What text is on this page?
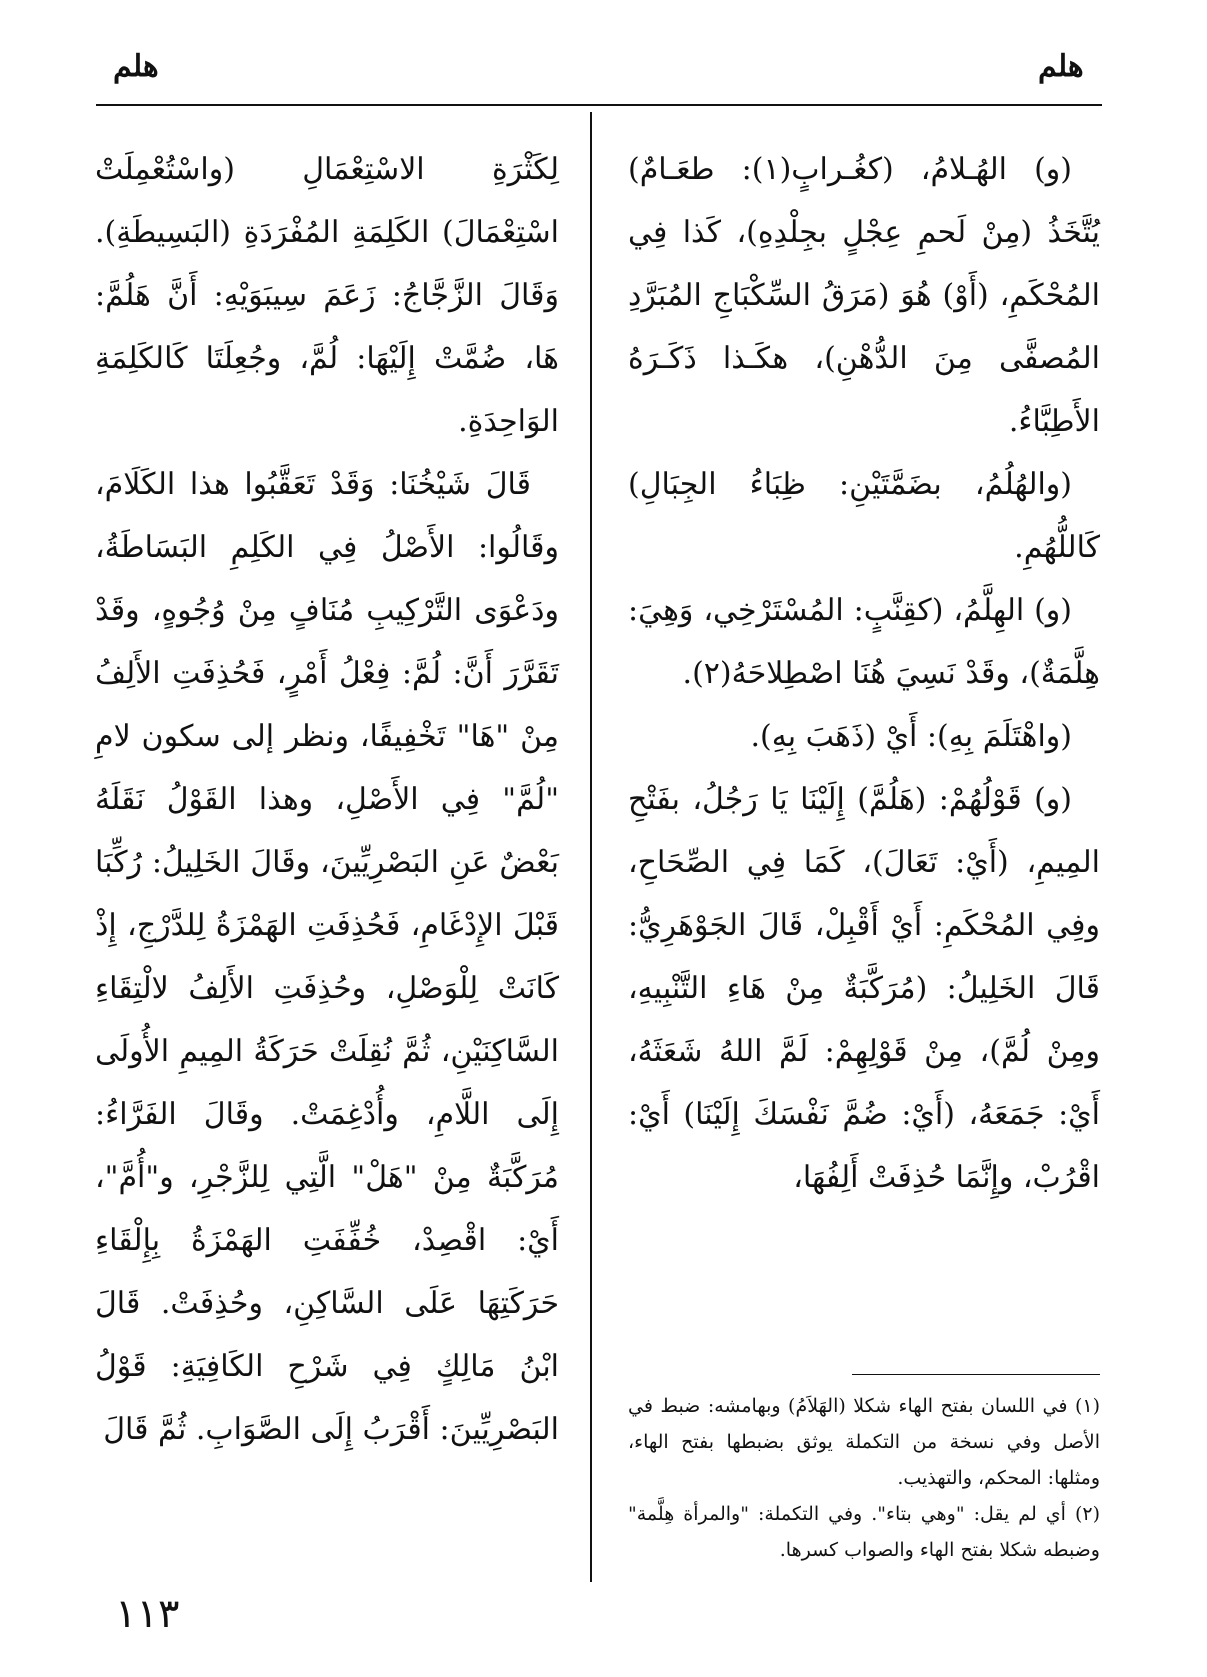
هلم
هلم

(و) الهُـلامُ، (كغُـرابٍ(١): طعَـامٌ) يُتَّخَذُ (مِنْ لَحمِ عِجْلٍ بجِلْدِهِ)، كَذا فِي المُحْكَمِ، (أَوْ) هُوَ (مَرَقُ السِّكْبَاجِ المُبَرَّدِ المُصفَّى مِنَ الدُّهْنِ)، هكَـذا ذَكَـرَهُ الأَطِبَّاءُ.

(والهُلُمُ، بضَمَّتَيْنِ: ظِبَاءُ الجِبَالِ) كَاللُّهُمِ.

(و) الهِلَّمُ، (كقِنَّبٍ: المُسْتَرْخِي، وَهِيَ: هِلَّمَةٌ)، وقَدْ نَسِيَ هُنَا اصْطِلاحَهُ(٢).

(واهْتَلَمَ بِهِ): أَيْ (ذَهَبَ بِهِ).

(و) قَوْلُهُمْ: (هَلُمَّ) إِلَيْنَا يَا رَجُلُ، بفَتْحِ المِيمِ، (أَيْ: تَعَالَ)، كَمَا فِي الصِّحَاحِ، وفِي المُحْكَمِ: أَيْ أَقْبِلْ، قَالَ الجَوْهَرِيُّ: قَالَ الخَلِيلُ: (مُرَكَّبَةٌ مِنْ هَاءِ التَّنْبِيهِ، ومِنْ لُمَّ)، مِنْ قَوْلِهِمْ: لَمَّ اللهُ شَعَثَهُ، أَيْ: جَمَعَهُ، (أَيْ: ضُمَّ نَفْسَكَ إِلَيْنَا) أَيْ: اقْرُبْ، وإِنَّمَا حُذِفَتْ أَلِفُهَا،

لِكَثْرَةِ الاسْتِعْمَالِ (واسْتُعْمِلَتْ اسْتِعْمَالَ) الكَلِمَةِ المُفْرَدَةِ (البَسِيطَةِ). وَقَالَ الزَّجَّاجُ: زَعَمَ سِيبَوَيْهِ: أَنَّ هَلُمَّ: هَا، ضُمَّتْ إِلَيْهَا: لُمَّ، وجُعِلَتَا كَالكَلِمَةِ الوَاحِدَةِ.

قَالَ شَيْخُنَا: وَقَدْ تَعَقَّبُوا هذا الكَلَامَ، وقَالُوا: الأَصْلُ فِي الكَلِمِ البَسَاطَةُ، ودَعْوَى التَّرْكِيبِ مُنَافٍ مِنْ وُجُوهٍ، وقَدْ تَقَرَّرَ أَنَّ: لُمَّ: فِعْلُ أَمْرٍ، فَحُذِفَتِ الأَلِفُ مِنْ "هَا" تَخْفِيفًا، ونظر إلى سكون لامِ "لُمَّ" فِي الأَصْلِ، وهذا القَوْلُ نَقَلَهُ بَعْضٌ عَنِ البَصْرِيِّينَ، وقَالَ الخَلِيلُ: رُكِّبَا قَبْلَ الإِدْغَامِ، فَحُذِفَتِ الهَمْزَةُ لِلدَّرْجِ، إِذْ كَانَتْ لِلْوَصْلِ، وحُذِفَتِ الأَلِفُ لالْتِقَاءِ السَّاكِنَيْنِ، ثُمَّ نُقِلَتْ حَرَكَةُ المِيمِ الأُولَى إِلَى اللَّامِ، وأُدْغِمَتْ. وقَالَ الفَرَّاءُ: مُرَكَّبَةٌ مِنْ "هَلْ" الَّتِي لِلزَّجْرِ، و"أُمَّ"، أَيْ: اقْصِدْ، خُفِّفَتِ الهَمْزَةُ بِإِلْقَاءِ حَرَكَتِهَا عَلَى السَّاكِنِ، وحُذِفَتْ. قَالَ ابْنُ مَالِكٍ فِي شَرْحِ الكَافِيَةِ: قَوْلُ البَصْرِيِّينَ: أَقْرَبُ إِلَى الصَّوَابِ. ثُمَّ قَالَ

(١) في اللسان بفتح الهاء شكلا (الهَلاَمُ) وبهامشه: ضبط في الأصل وفي نسخة من التكملة يوثق بضبطها بفتح الهاء، ومثلها: المحكم، والتهذيب.

(٢) أي لم يقل: "وهي بتاء". وفي التكملة: "والمرأة هِلَّمة" وضبطه شكلا بفتح الهاء والصواب كسرها.

١١٣
